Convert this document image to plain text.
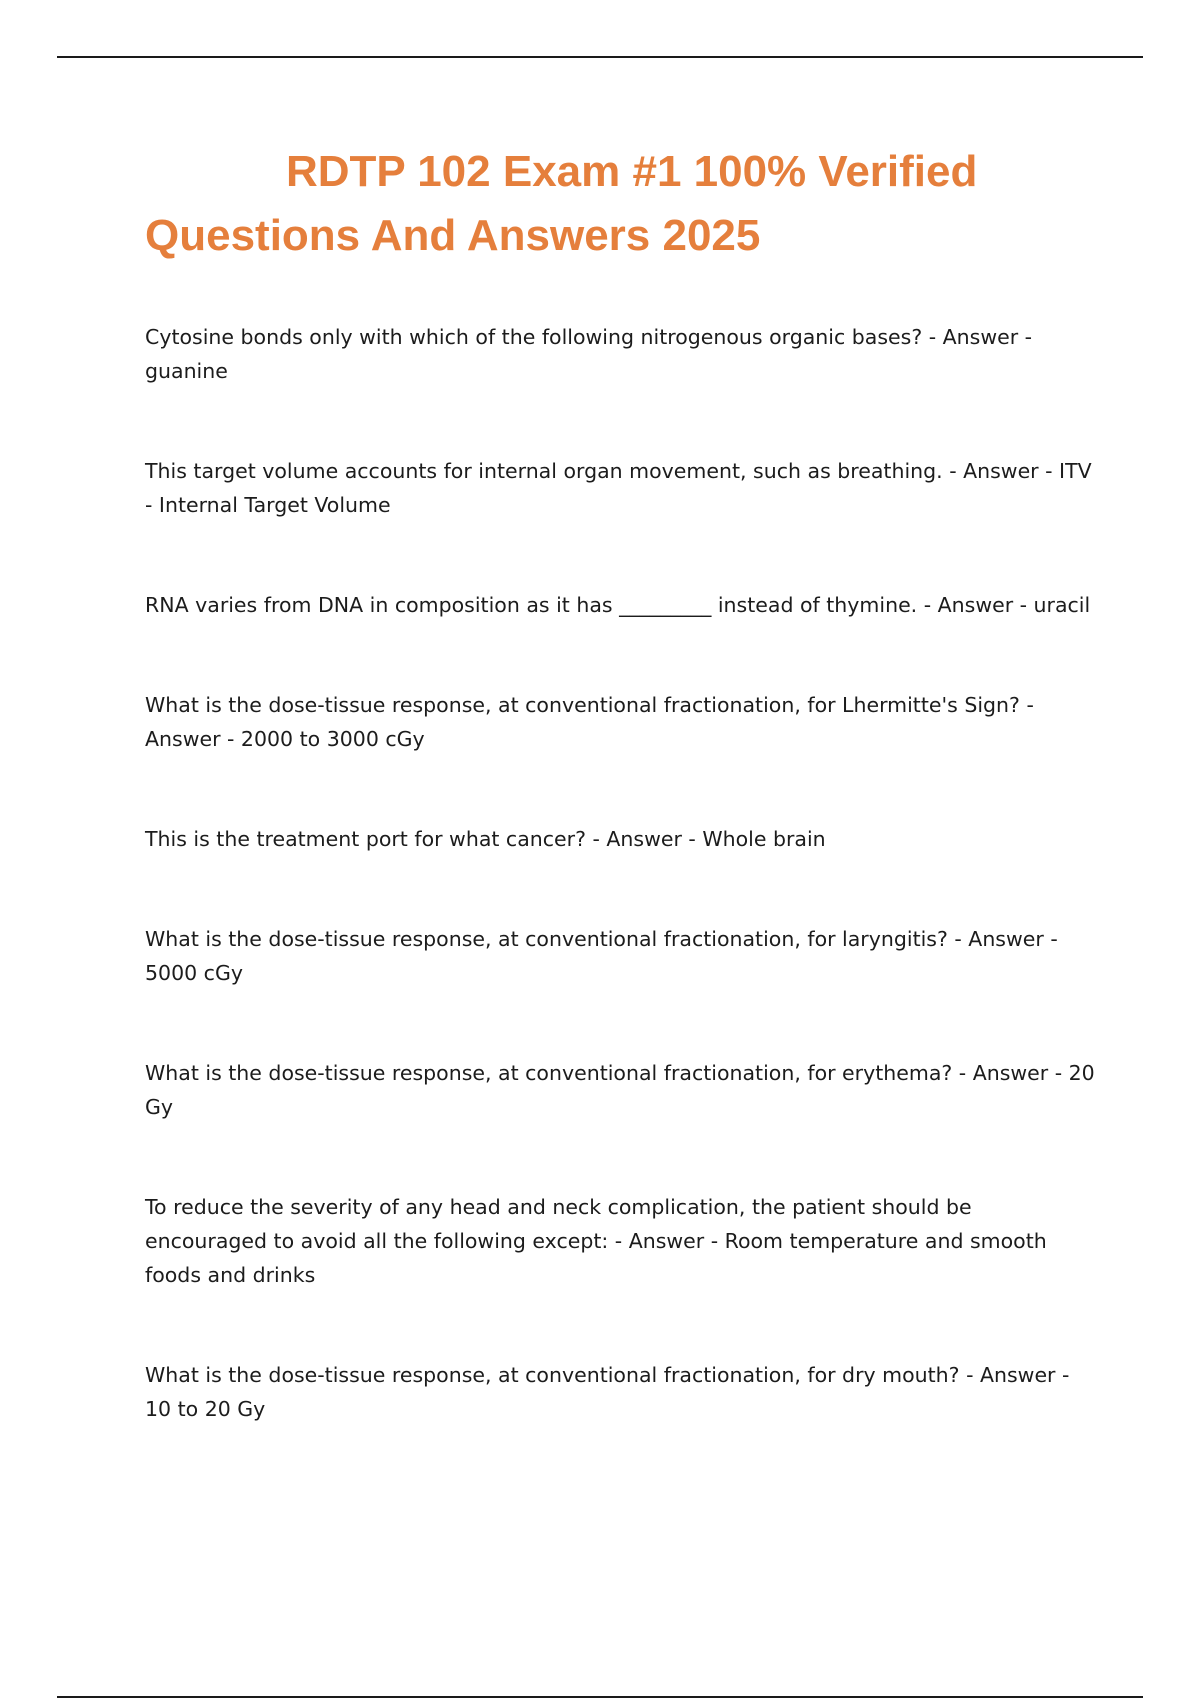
RDTP 102 Exam #1 100% Verified Questions And Answers 2025
Cytosine bonds only with which of the following nitrogenous organic bases? - Answer - guanine
This target volume accounts for internal organ movement, such as breathing. - Answer - ITV - Internal Target Volume
RNA varies from DNA in composition as it has _________ instead of thymine. - Answer - uracil
What is the dose-tissue response, at conventional fractionation, for Lhermitte's Sign? - Answer - 2000 to 3000 cGy
This is the treatment port for what cancer? - Answer - Whole brain
What is the dose-tissue response, at conventional fractionation, for laryngitis? - Answer - 5000 cGy
What is the dose-tissue response, at conventional fractionation, for erythema? - Answer - 20 Gy
To reduce the severity of any head and neck complication, the patient should be encouraged to avoid all the following except: - Answer - Room temperature and smooth foods and drinks
What is the dose-tissue response, at conventional fractionation, for dry mouth? - Answer - 10 to 20 Gy
